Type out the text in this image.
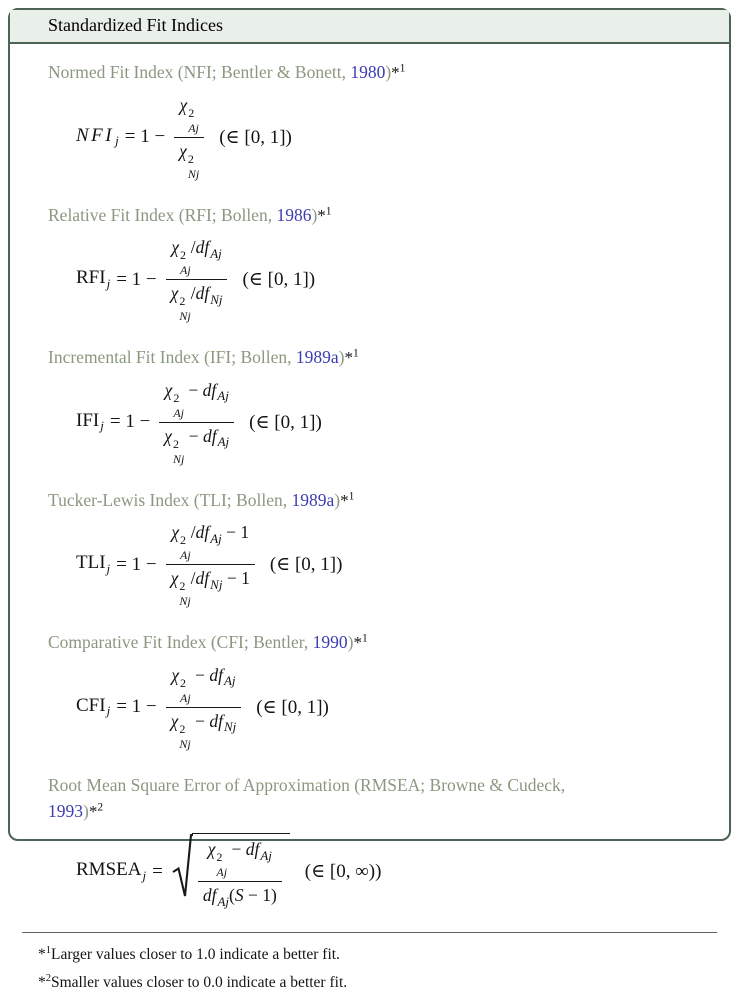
Standardized Fit Indices
Normed Fit Index (NFI; Bentler & Bonett, 1980)*$^1$
$NFI_j = 1 - \chi$ 2
Aj
χ 2
Nj (∈ [0, 1])
Relative Fit Index (RFI; Bollen, 1986)*$^1$
$RFI_j = 1 - \chi$ 2
Aj
$/df_{Aj}$
χ 2
Nj
$/df_{Nj}$ (∈ [0, 1])
Incremental Fit Index (IFI; Bollen, 1989a)*$^1$
$IFI_j = 1 - \chi$ 2
Aj
− $df_{Aj}$
χ 2
Nj
− $df_{Aj}$ (∈ [0, 1])
Tucker-Lewis Index (TLI; Bollen, 1989a)*$^1$
$TLI_j = 1 - \chi$ 2
Aj
$/df_{Aj} - 1$
χ 2
Nj
$/df_{Nj} - 1$ (∈ [0, 1])
Comparative Fit Index (CFI; Bentler, 1990)*$^1$
$CFI_j = 1 - \chi$ 2
Aj
− $df_{Aj}$
χ 2
Nj
− $df_{Nj}$ (∈ [0, 1])
Root Mean Square Error of Approximation (RMSEA; Browne & Cudeck,
1993)*$^2$
$RMSEA_j = \chi$ 2
Aj
− $df_{Aj}$
$df_{Aj}(S - 1)$ (∈ [0, ∞))
*$^1$Larger values closer to 1.0 indicate a better fit.
*$^2$Smaller values closer to 0.0 indicate a better fit.
